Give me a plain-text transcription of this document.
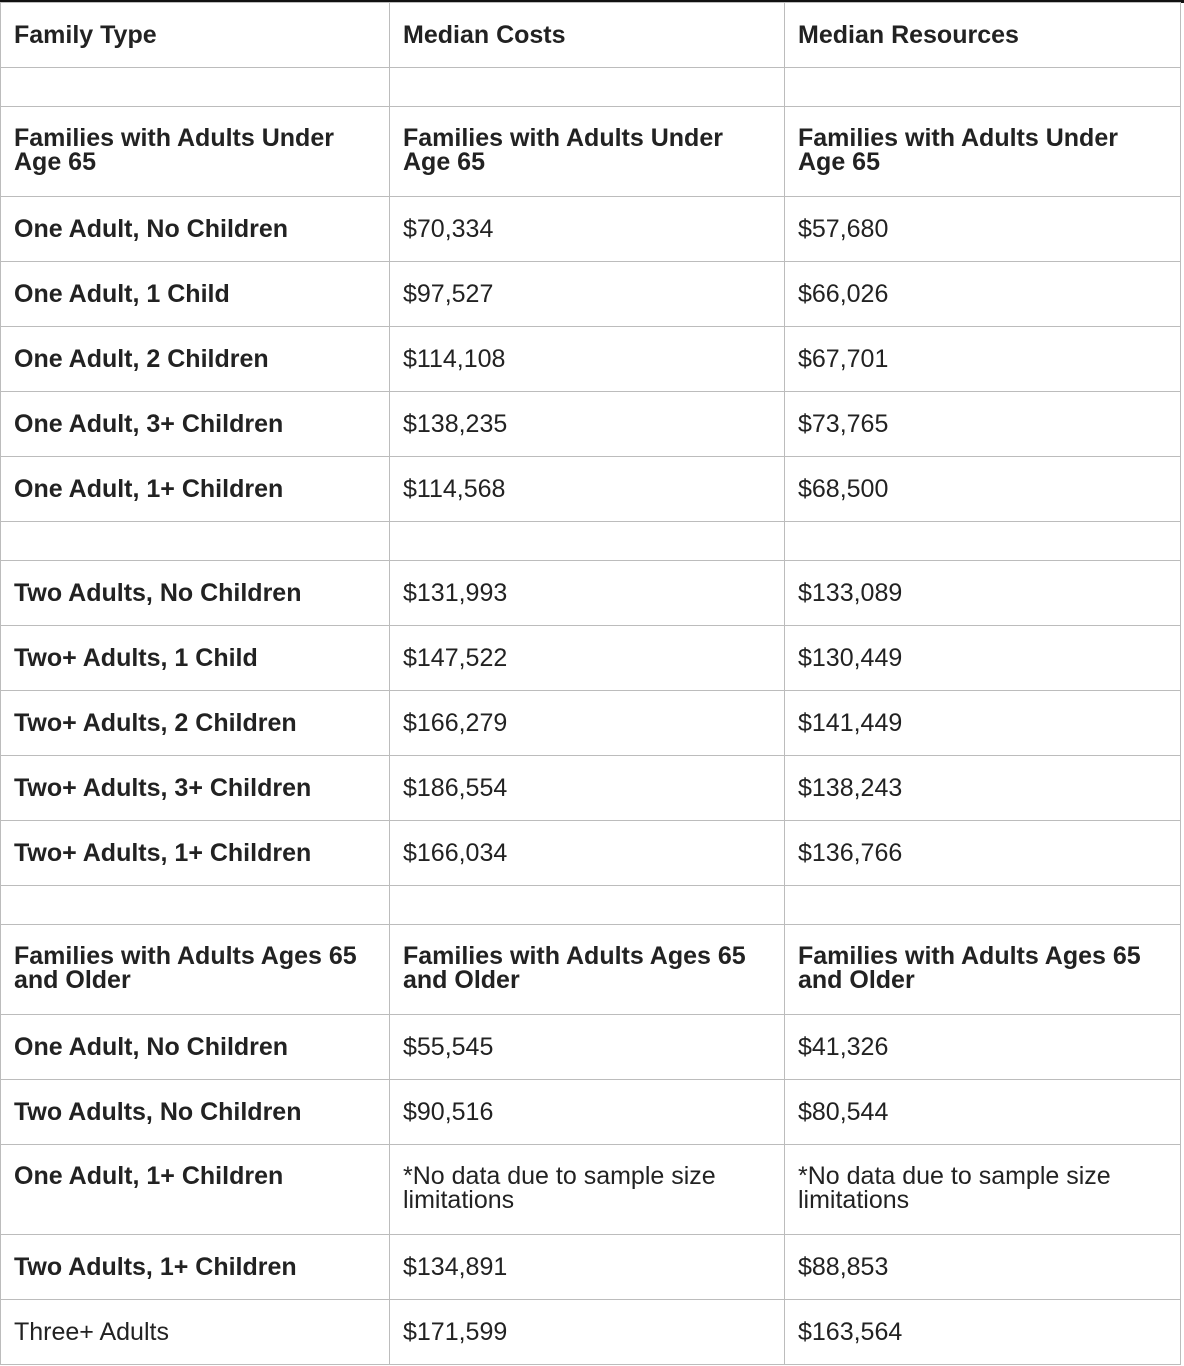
Family Type	Median Costs	Median Resources

Families with Adults Under Age 65	Families with Adults Under Age 65	Families with Adults Under Age 65
One Adult, No Children	$70,334	$57,680
One Adult, 1 Child	$97,527	$66,026
One Adult, 2 Children	$114,108	$67,701
One Adult, 3+ Children	$138,235	$73,765
One Adult, 1+ Children	$114,568	$68,500

Two Adults, No Children	$131,993	$133,089
Two+ Adults, 1 Child	$147,522	$130,449
Two+ Adults, 2 Children	$166,279	$141,449
Two+ Adults, 3+ Children	$186,554	$138,243
Two+ Adults, 1+ Children	$166,034	$136,766

Families with Adults Ages 65 and Older	Families with Adults Ages 65 and Older	Families with Adults Ages 65 and Older
One Adult, No Children	$55,545	$41,326
Two Adults, No Children	$90,516	$80,544
One Adult, 1+ Children	*No data due to sample size limitations	*No data due to sample size limitations
Two Adults, 1+ Children	$134,891	$88,853
Three+ Adults	$171,599	$163,564
